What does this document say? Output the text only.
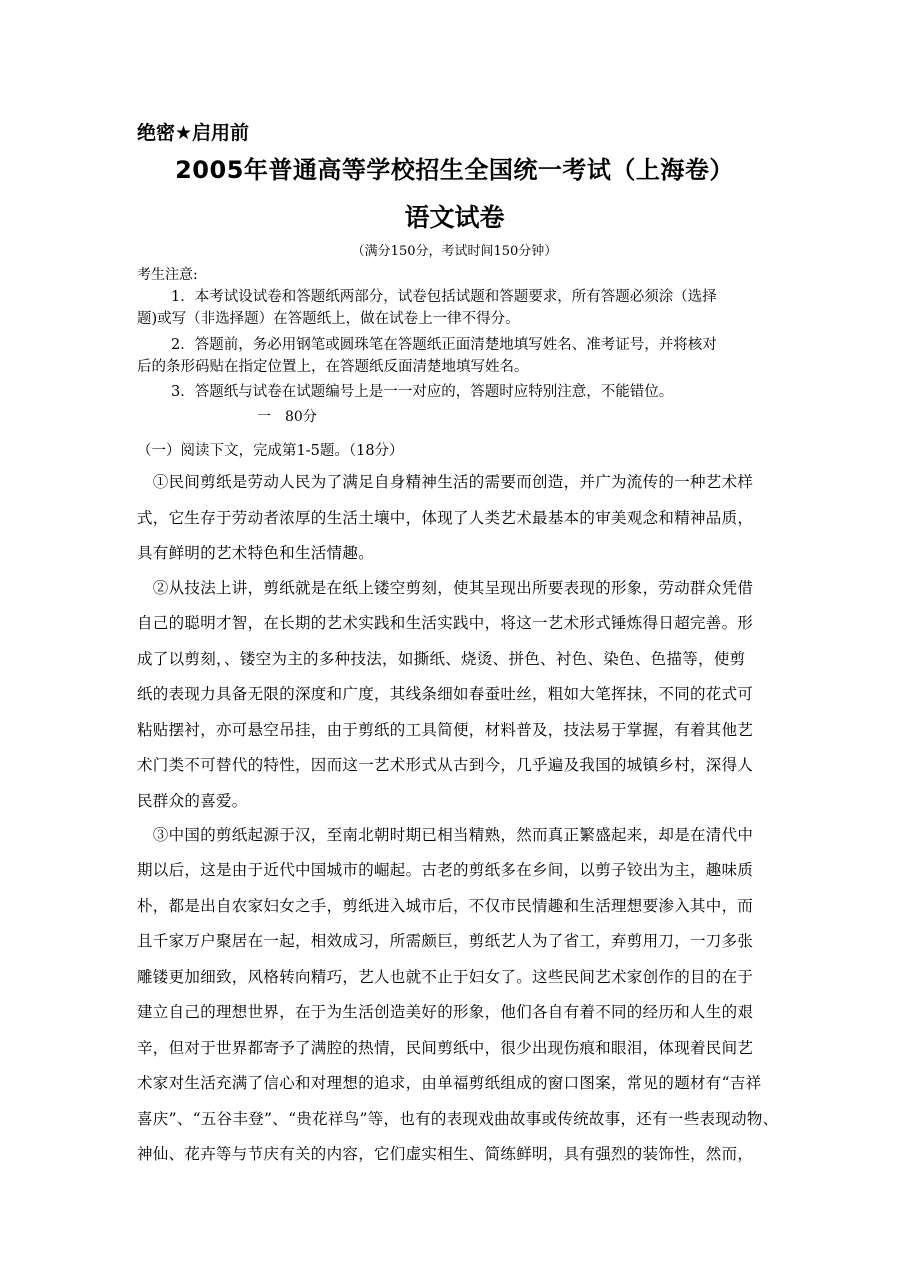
绝密★启用前
2005年普通高等学校招生全国统一考试（上海卷）
语文试卷
（满分150分，考试时间150分钟）
考生注意:
1．本考试设试卷和答题纸两部分，试卷包括试题和答题要求，所有答题必须涂（选择
题)或写（非选择题）在答题纸上，做在试卷上一律不得分。
2．答题前，务必用钢笔或圆珠笔在答题纸正面清楚地填写姓名、准考证号，并将核对
后的条形码贴在指定位置上，在答题纸反面清楚地填写姓名。
3．答题纸与试卷在试题编号上是一一对应的，答题时应特别注意，不能错位。
一　80分
（一）阅读下文，完成第1-5题。（18分）
　①民间剪纸是劳动人民为了满足自身精神生活的需要而创造，并广为流传的一种艺术样
式，它生存于劳动者浓厚的生活土壤中，体现了人类艺术最基本的审美观念和精神品质，
具有鲜明的艺术特色和生活情趣。
　②从技法上讲，剪纸就是在纸上镂空剪刻，使其呈现出所要表现的形象，劳动群众凭借
自己的聪明才智，在长期的艺术实践和生活实践中，将这一艺术形式锤炼得日超完善。形
成了以剪刻，、镂空为主的多种技法，如撕纸、烧烫、拼色、衬色、染色、色描等，使剪
纸的表现力具备无限的深度和广度，其线条细如春蚕吐丝，粗如大笔挥抹，不同的花式可
粘贴摆衬，亦可悬空吊挂，由于剪纸的工具简便，材料普及，技法易于掌握，有着其他艺
术门类不可替代的特性，因而这一艺术形式从古到今，几乎遍及我国的城镇乡村，深得人
民群众的喜爱。
　③中国的剪纸起源于汉，至南北朝时期已相当精熟，然而真正繁盛起来，却是在清代中
期以后，这是由于近代中国城市的崛起。古老的剪纸多在乡间，以剪子铰出为主，趣味质
朴，都是出自农家妇女之手，剪纸进入城市后，不仅市民情趣和生活理想要渗入其中，而
且千家万户聚居在一起，相效成习，所需颇巨，剪纸艺人为了省工，弃剪用刀，一刀多张
雕镂更加细致，风格转向精巧，艺人也就不止于妇女了。这些民间艺术家创作的目的在于
建立自己的理想世界，在于为生活创造美好的形象，他们各自有着不同的经历和人生的艰
辛，但对于世界都寄予了满腔的热情，民间剪纸中，很少出现伤痕和眼泪，体现着民间艺
术家对生活充满了信心和对理想的追求，由单福剪纸组成的窗口图案，常见的题材有“吉祥
喜庆”、“五谷丰登”、“贵花祥鸟”等，也有的表现戏曲故事或传统故事，还有一些表现动物、
神仙、花卉等与节庆有关的内容，它们虚实相生、简练鲜明，具有强烈的装饰性，然而，
